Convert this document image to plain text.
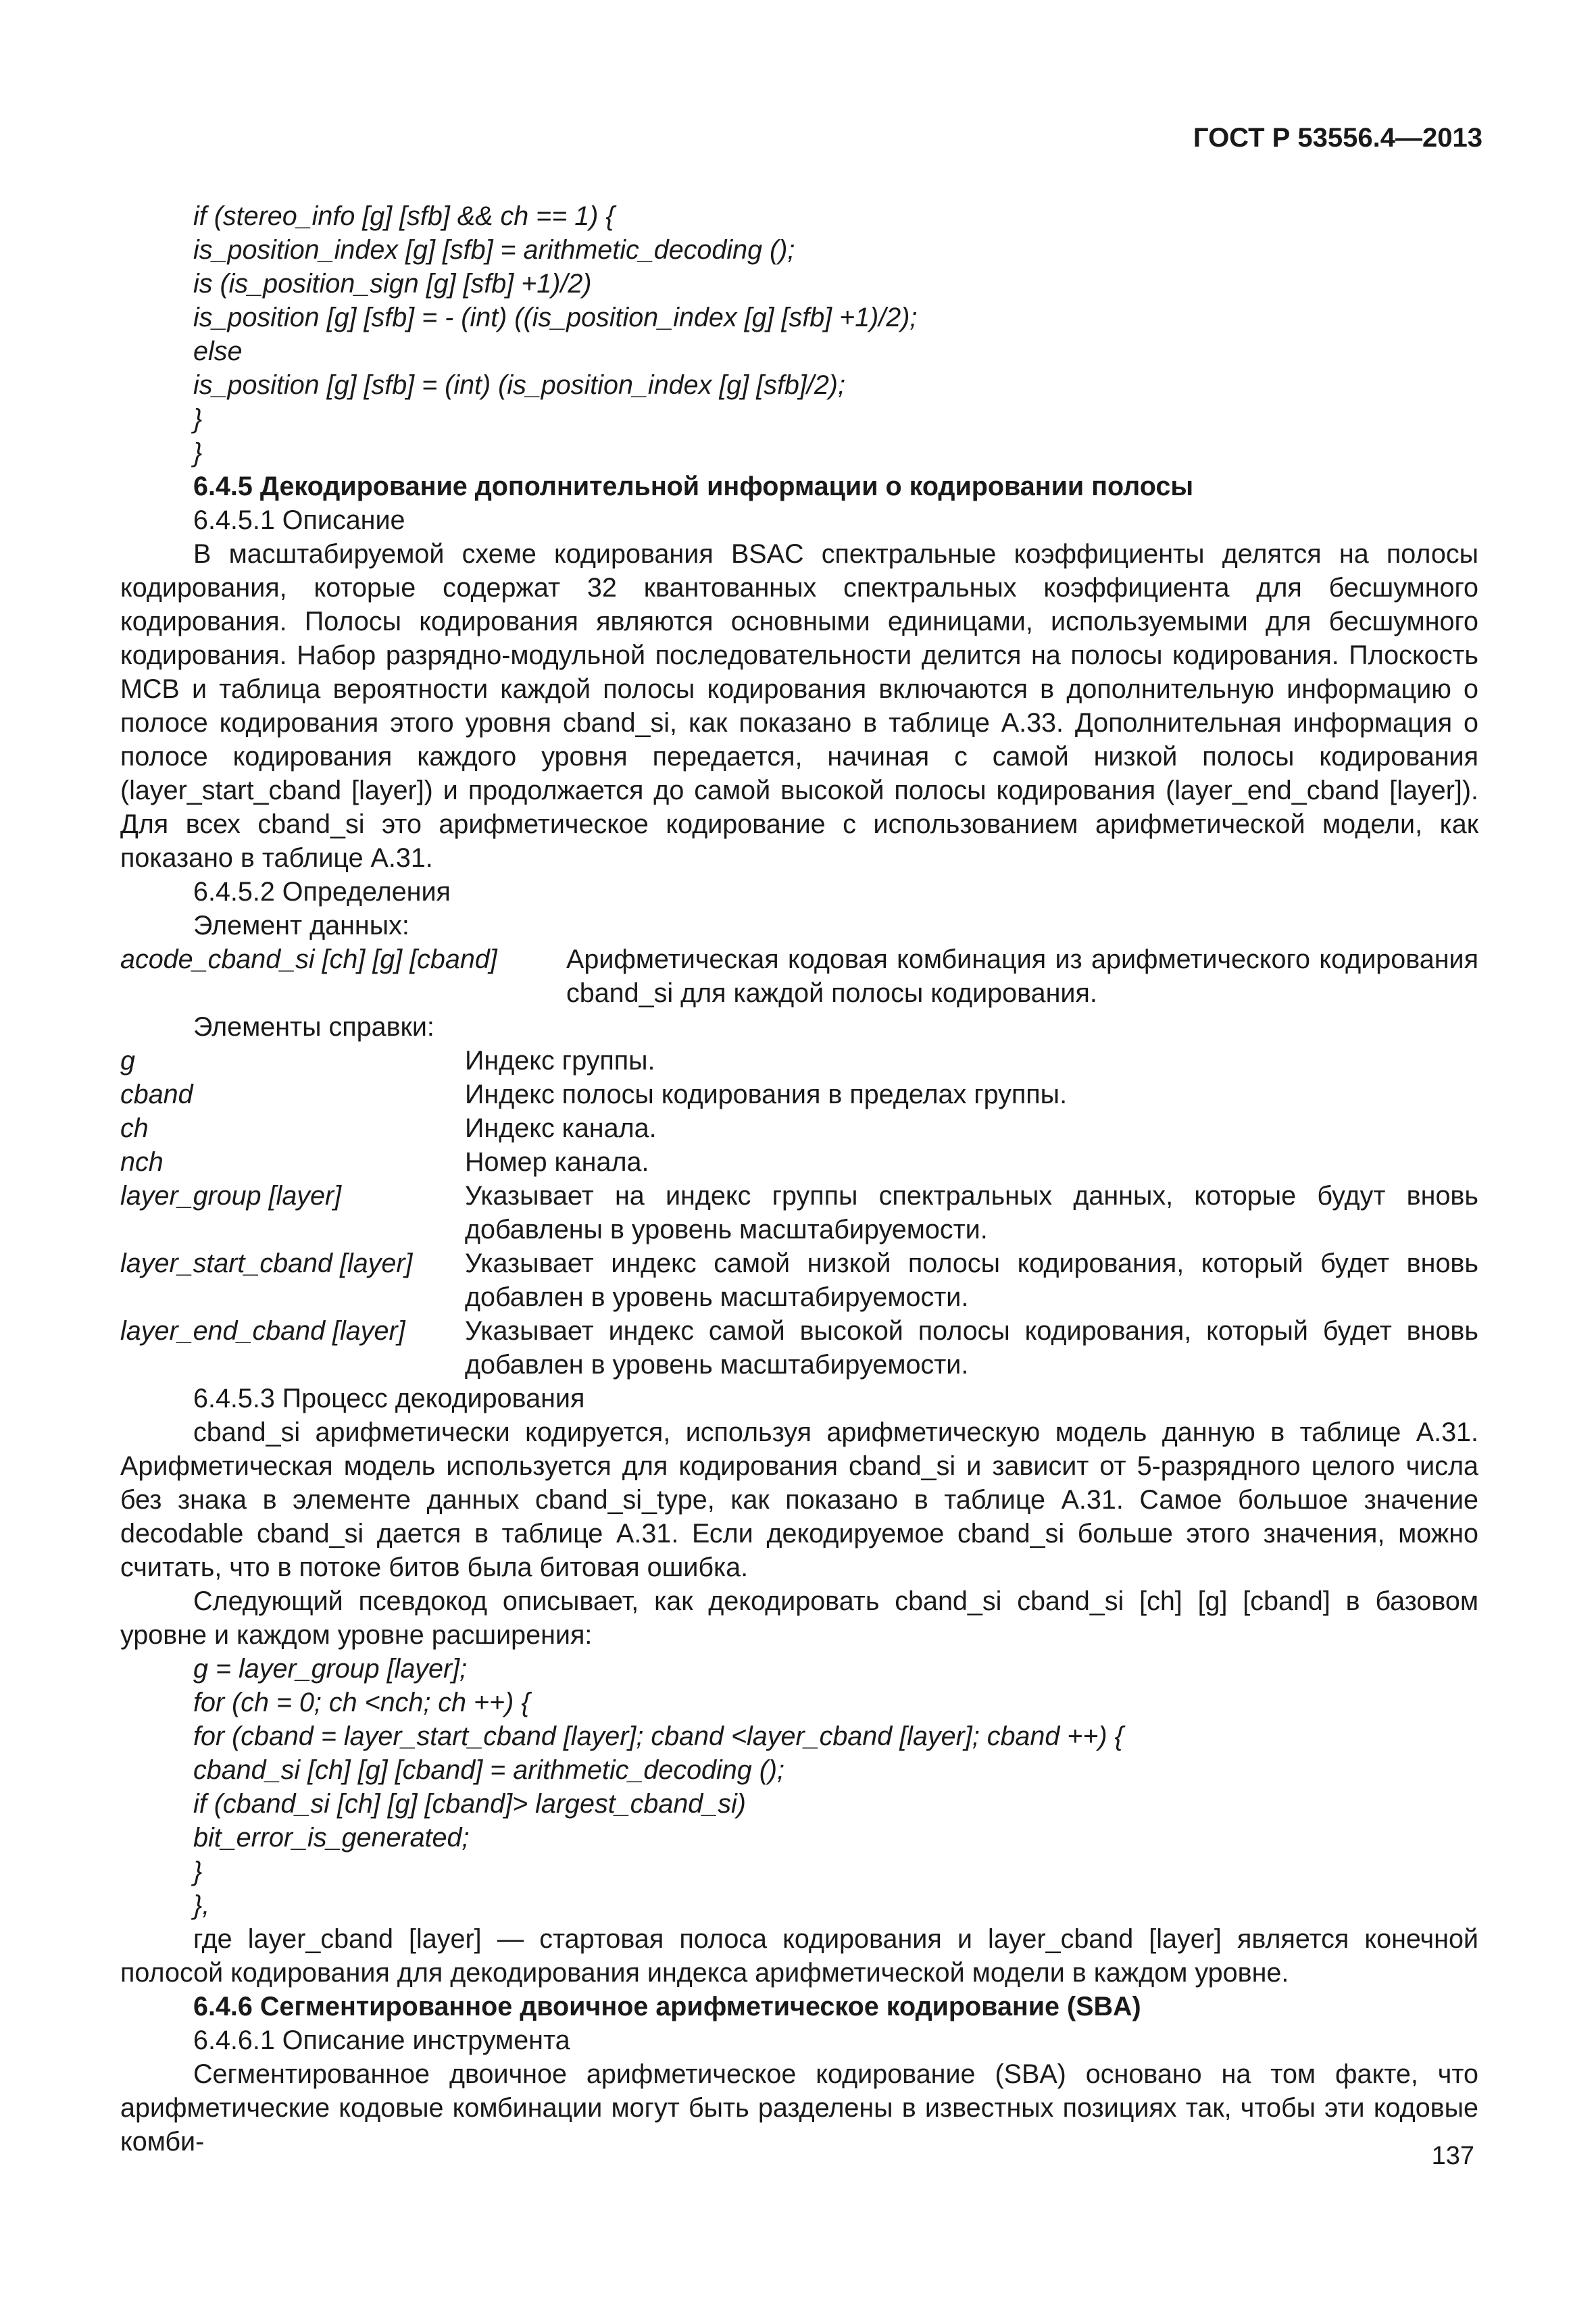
ГОСТ Р 53556.4—2013
if (stereo_info [g] [sfb] && ch == 1) {
is_position_index [g] [sfb] = arithmetic_decoding ();
is (is_position_sign [g] [sfb] +1)/2)
is_position [g] [sfb] = - (int) ((is_position_index [g] [sfb] +1)/2);
else
is_position [g] [sfb] = (int) (is_position_index [g] [sfb]/2);
}
}
6.4.5 Декодирование дополнительной информации о кодировании полосы
6.4.5.1 Описание
В масштабируемой схеме кодирования BSAC спектральные коэффициенты делятся на полосы кодирования, которые содержат 32 квантованных спектральных коэффициента для бесшумного кодирования. Полосы кодирования являются основными единицами, используемыми для бесшумного кодирования. Набор разрядно-модульной последовательности делится на полосы кодирования. Плоскость MCB и таблица вероятности каждой полосы кодирования включаются в дополнительную информацию о полосе кодирования этого уровня cband_si, как показано в таблице А.33. Дополнительная информация о полосе кодирования каждого уровня передается, начиная с самой низкой полосы кодирования (layer_start_cband [layer]) и продолжается до самой высокой полосы кодирования (layer_end_cband [layer]). Для всех cband_si это арифметическое кодирование с использованием арифметической модели, как показано в таблице А.31.
6.4.5.2 Определения
Элемент данных:
acode_cband_si [ch] [g] [cband]	Арифметическая кодовая комбинация из арифметического кодирования cband_si для каждой полосы кодирования.
Элементы справки:
g	Индекс группы.
cband	Индекс полосы кодирования в пределах группы.
ch	Индекс канала.
nch	Номер канала.
layer_group [layer]	Указывает на индекс группы спектральных данных, которые будут вновь добавлены в уровень масштабируемости.
layer_start_cband [layer]	Указывает индекс самой низкой полосы кодирования, который будет вновь добавлен в уровень масштабируемости.
layer_end_cband [layer]	Указывает индекс самой высокой полосы кодирования, который будет вновь добавлен в уровень масштабируемости.
6.4.5.3 Процесс декодирования
cband_si арифметически кодируется, используя арифметическую модель данную в таблице А.31. Арифметическая модель используется для кодирования cband_si и зависит от 5-разрядного целого числа без знака в элементе данных cband_si_type, как показано в таблице А.31. Самое большое значение decodable cband_si дается в таблице А.31. Если декодируемое cband_si больше этого значения, можно считать, что в потоке битов была битовая ошибка.
Следующий псевдокод описывает, как декодировать cband_si cband_si [ch] [g] [cband] в базовом уровне и каждом уровне расширения:
g = layer_group [layer];
for (ch = 0; ch <nch; ch ++) {
for (cband = layer_start_cband [layer]; cband <layer_cband [layer]; cband ++) {
cband_si [ch] [g] [cband] = arithmetic_decoding ();
if (cband_si [ch] [g] [cband]> largest_cband_si)
bit_error_is_generated;
}
},
где layer_cband [layer] — стартовая полоса кодирования и layer_cband [layer] является конечной полосой кодирования для декодирования индекса арифметической модели в каждом уровне.
6.4.6 Сегментированное двоичное арифметическое кодирование (SBA)
6.4.6.1 Описание инструмента
Сегментированное двоичное арифметическое кодирование (SBA) основано на том факте, что арифметические кодовые комбинации могут быть разделены в известных позициях так, чтобы эти кодовые комби-	137
